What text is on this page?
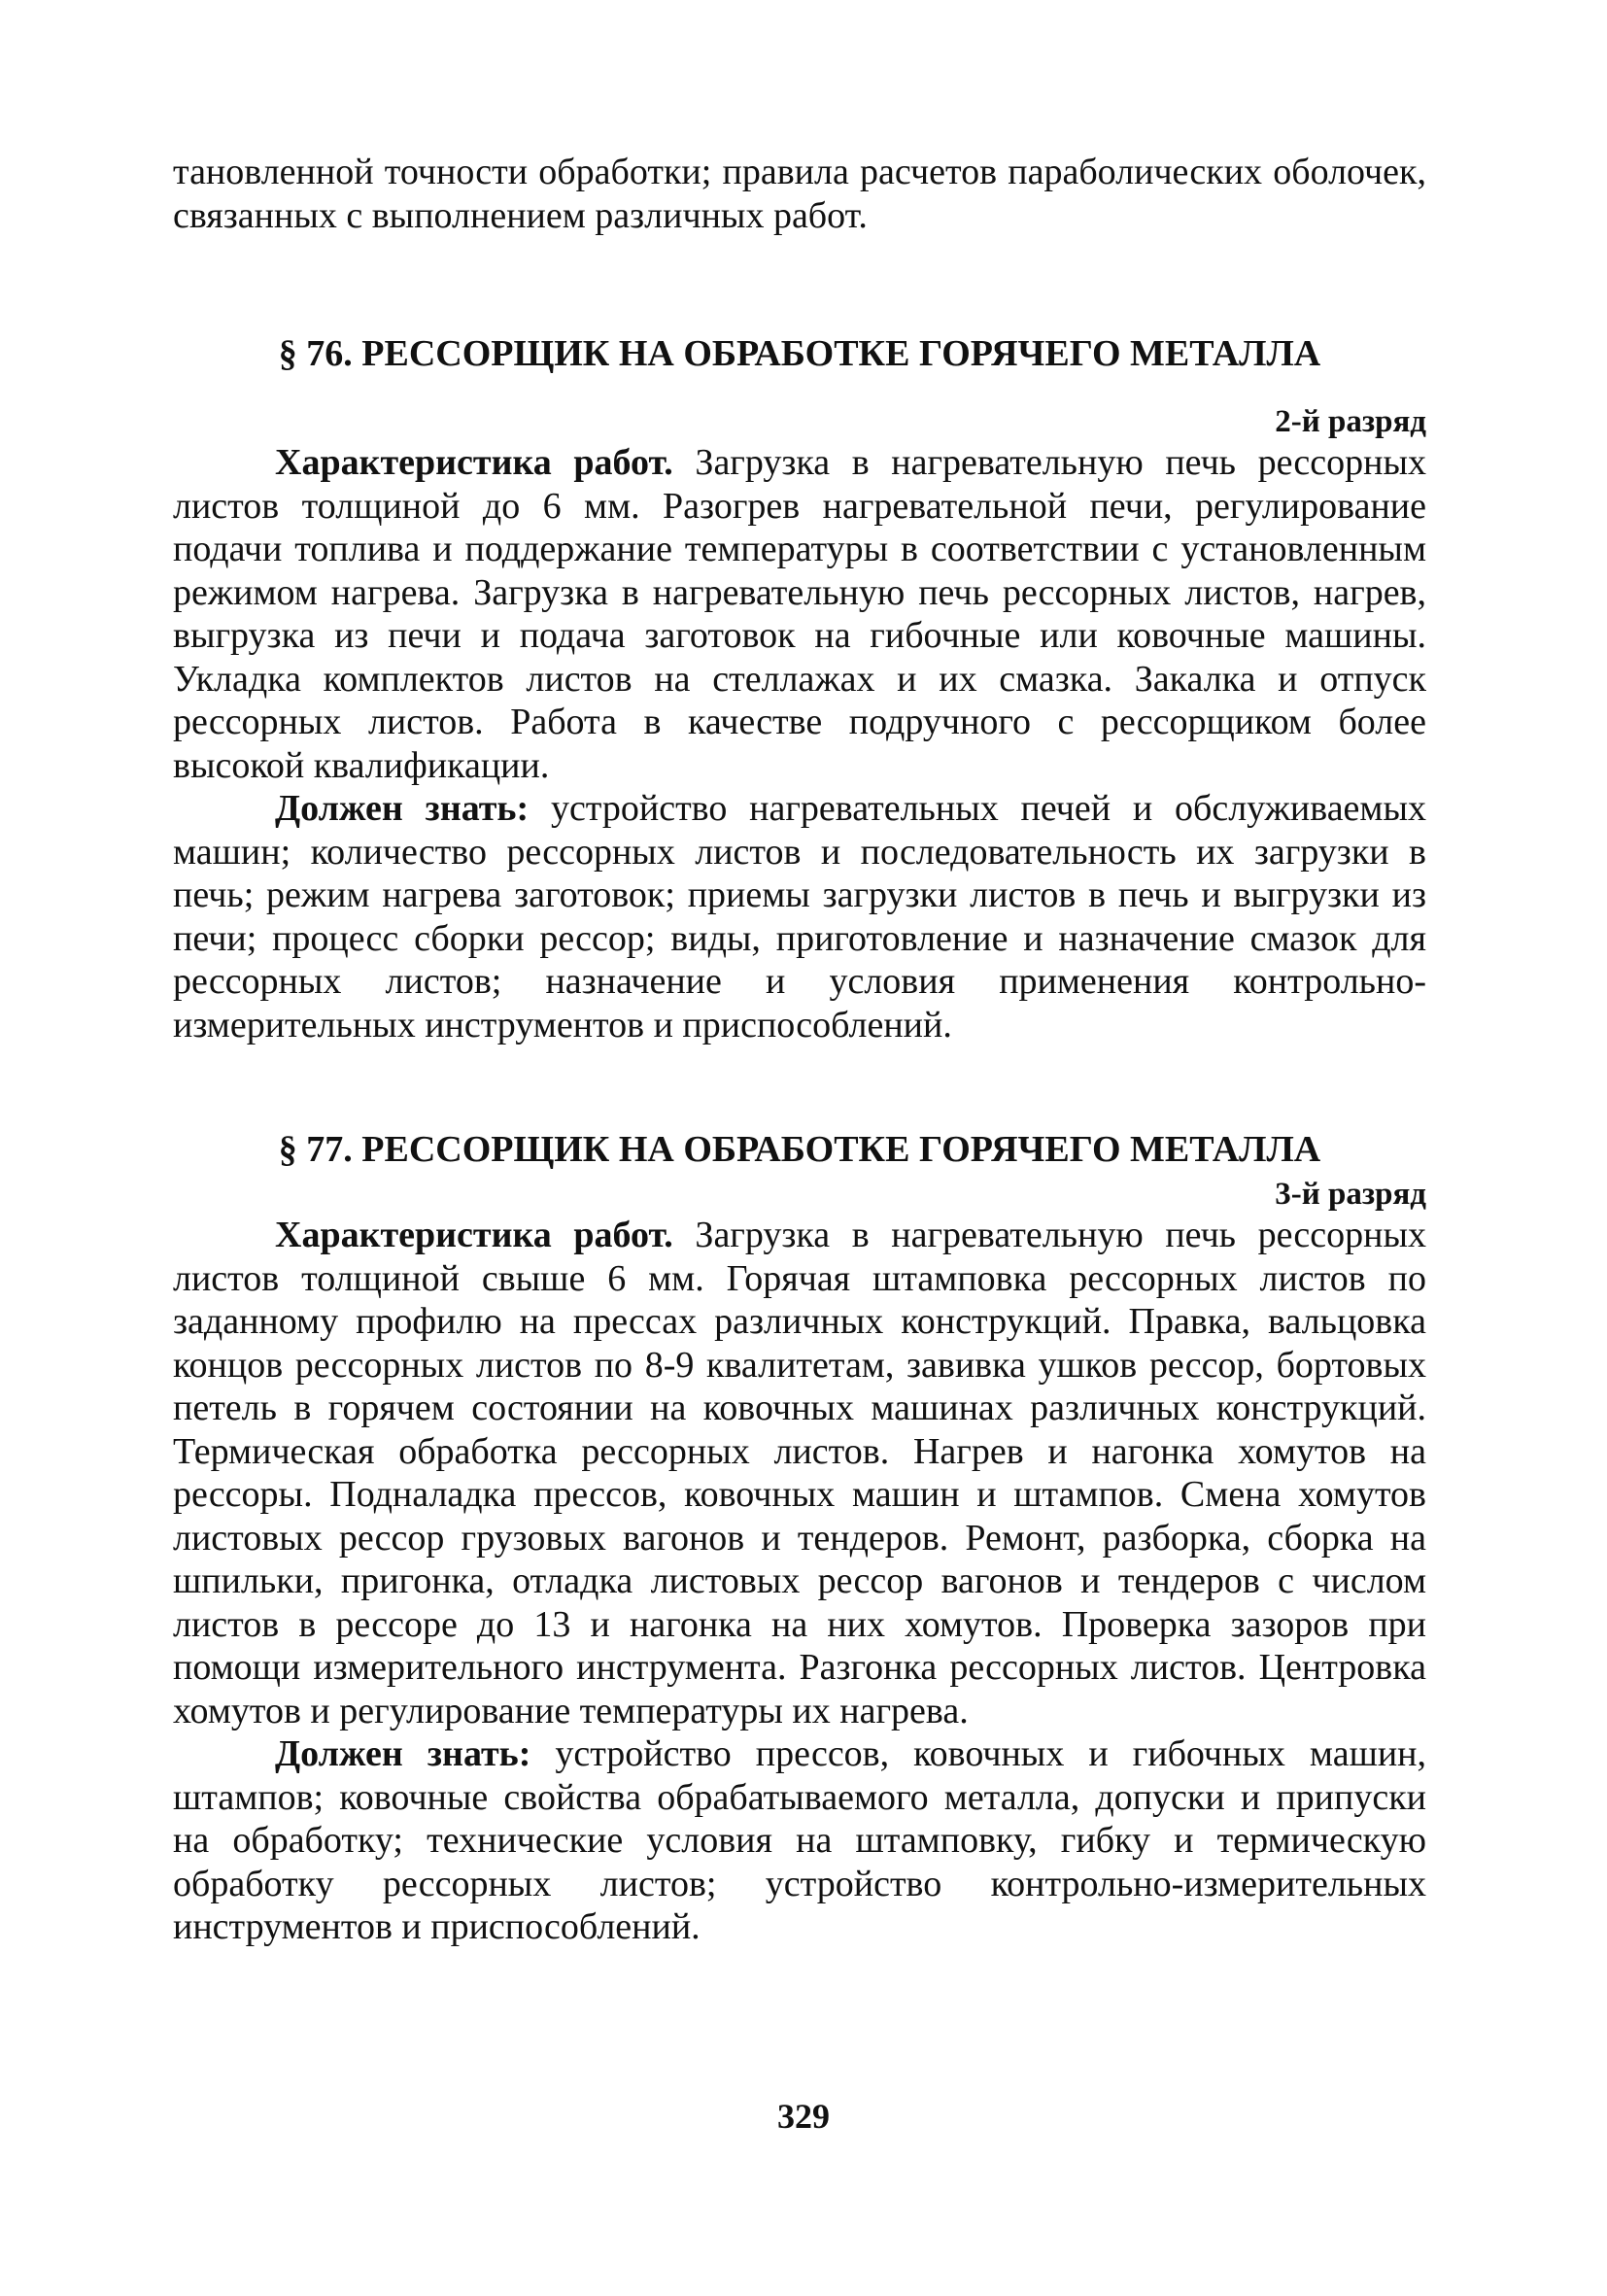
тановленной точности обработки; правила расчетов параболических оболочек, связанных с выполнением различных работ.

§ 76. РЕССОРЩИК НА ОБРАБОТКЕ ГОРЯЧЕГО МЕТАЛЛА

2-й разряд

Характеристика работ. Загрузка в нагревательную печь рессорных листов толщиной до 6 мм. Разогрев нагревательной печи, регулирование подачи топлива и поддержание температуры в соответствии с установленным режимом нагрева. Загрузка в нагревательную печь рессорных листов, нагрев, выгрузка из печи и подача заготовок на гибочные или ковочные машины. Укладка комплектов листов на стеллажах и их смазка. Закалка и отпуск рессорных листов. Работа в качестве подручного с рессорщиком более высокой квалификации.

Должен знать: устройство нагревательных печей и обслуживаемых машин; количество рессорных листов и последовательность их загрузки в печь; режим нагрева заготовок; приемы загрузки листов в печь и выгрузки из печи; процесс сборки рессор; виды, приготовление и назначение смазок для рессорных листов; назначение и условия применения контрольно-измерительных инструментов и приспособлений.

§ 77. РЕССОРЩИК НА ОБРАБОТКЕ ГОРЯЧЕГО МЕТАЛЛА

3-й разряд

Характеристика работ. Загрузка в нагревательную печь рессорных листов толщиной свыше 6 мм. Горячая штамповка рессорных листов по заданному профилю на прессах различных конструкций. Правка, вальцовка концов рессорных листов по 8-9 квалитетам, завивка ушков рессор, бортовых петель в горячем состоянии на ковочных машинах различных конструкций. Термическая обработка рессорных листов. Нагрев и нагонка хомутов на рессоры. Подналадка прессов, ковочных машин и штампов. Смена хомутов листовых рессор грузовых вагонов и тендеров. Ремонт, разборка, сборка на шпильки, пригонка, отладка листовых рессор вагонов и тендеров с числом листов в рессоре до 13 и нагонка на них хомутов. Проверка зазоров при помощи измерительного инструмента. Разгонка рессорных листов. Центровка хомутов и регулирование температуры их нагрева.

Должен знать: устройство прессов, ковочных и гибочных машин, штампов; ковочные свойства обрабатываемого металла, допуски и припуски на обработку; технические условия на штамповку, гибку и термическую обработку рессорных листов; устройство контрольно-измерительных инструментов и приспособлений.

329
